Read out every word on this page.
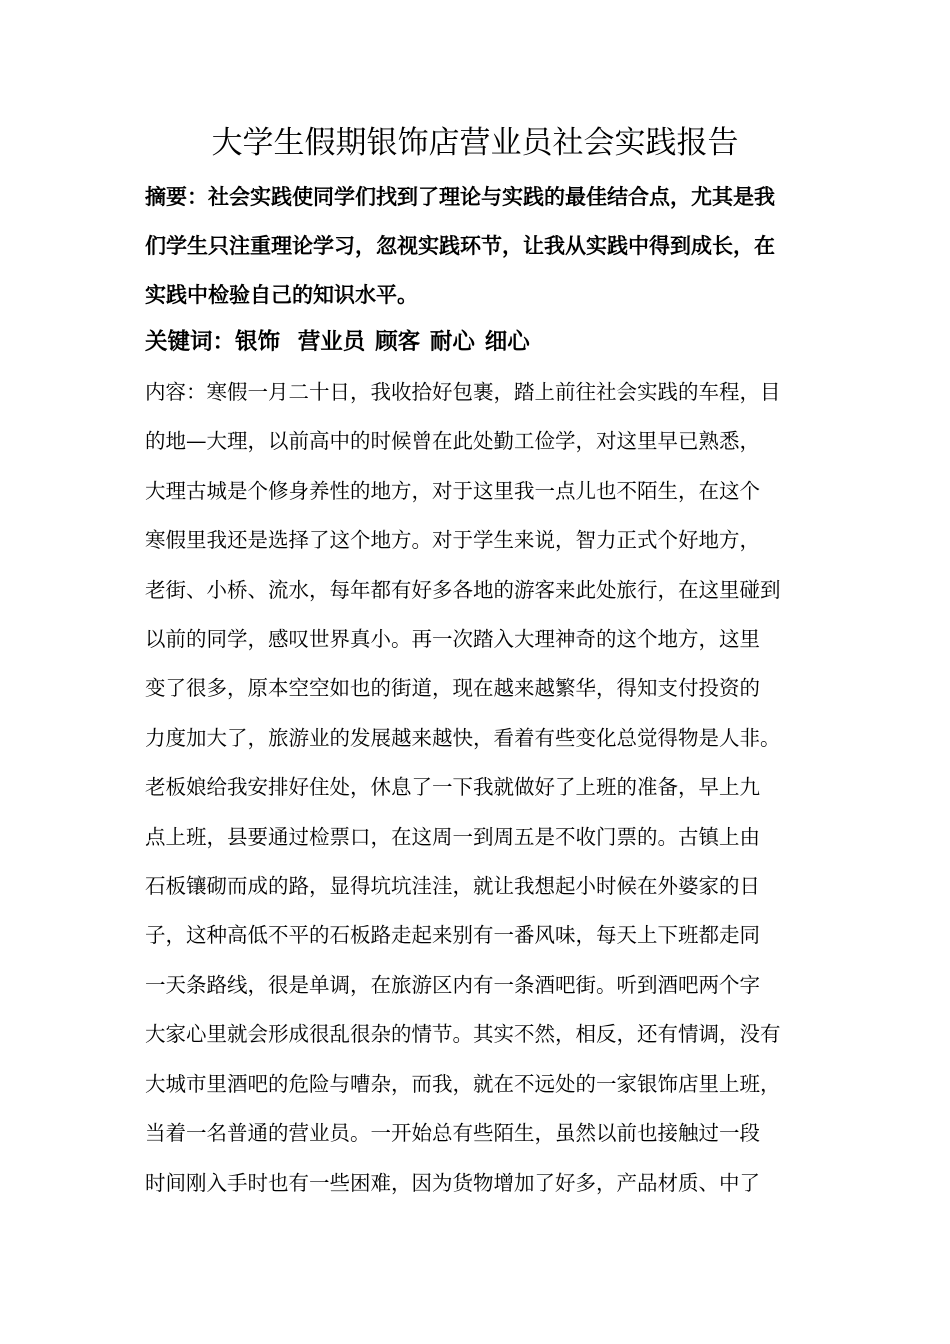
大学生假期银饰店营业员社会实践报告
摘要：社会实践使同学们找到了理论与实践的最佳结合点，尤其是我
们学生只注重理论学习，忽视实践环节，让我从实践中得到成长，在
实践中检验自己的知识水平。
关键词：银饰 营业员 顾客 耐心 细心
内容：寒假一月二十日，我收拾好包裹，踏上前往社会实践的车程，目
的地—大理，以前高中的时候曾在此处勤工俭学，对这里早已熟悉，
大理古城是个修身养性的地方，对于这里我一点儿也不陌生，在这个
寒假里我还是选择了这个地方。对于学生来说，智力正式个好地方，
老街、小桥、流水，每年都有好多各地的游客来此处旅行，在这里碰到
以前的同学，感叹世界真小。再一次踏入大理神奇的这个地方，这里
变了很多，原本空空如也的街道，现在越来越繁华，得知支付投资的
力度加大了，旅游业的发展越来越快，看着有些变化总觉得物是人非。
老板娘给我安排好住处，休息了一下我就做好了上班的准备，早上九
点上班，县要通过检票口，在这周一到周五是不收门票的。古镇上由
石板镶砌而成的路，显得坑坑洼洼，就让我想起小时候在外婆家的日
子，这种高低不平的石板路走起来别有一番风味，每天上下班都走同
一天条路线，很是单调，在旅游区内有一条酒吧街。听到酒吧两个字
大家心里就会形成很乱很杂的情节。其实不然，相反，还有情调，没有
大城市里酒吧的危险与嘈杂，而我，就在不远处的一家银饰店里上班，
当着一名普通的营业员。一开始总有些陌生，虽然以前也接触过一段
时间刚入手时也有一些困难，因为货物增加了好多，产品材质、中了
